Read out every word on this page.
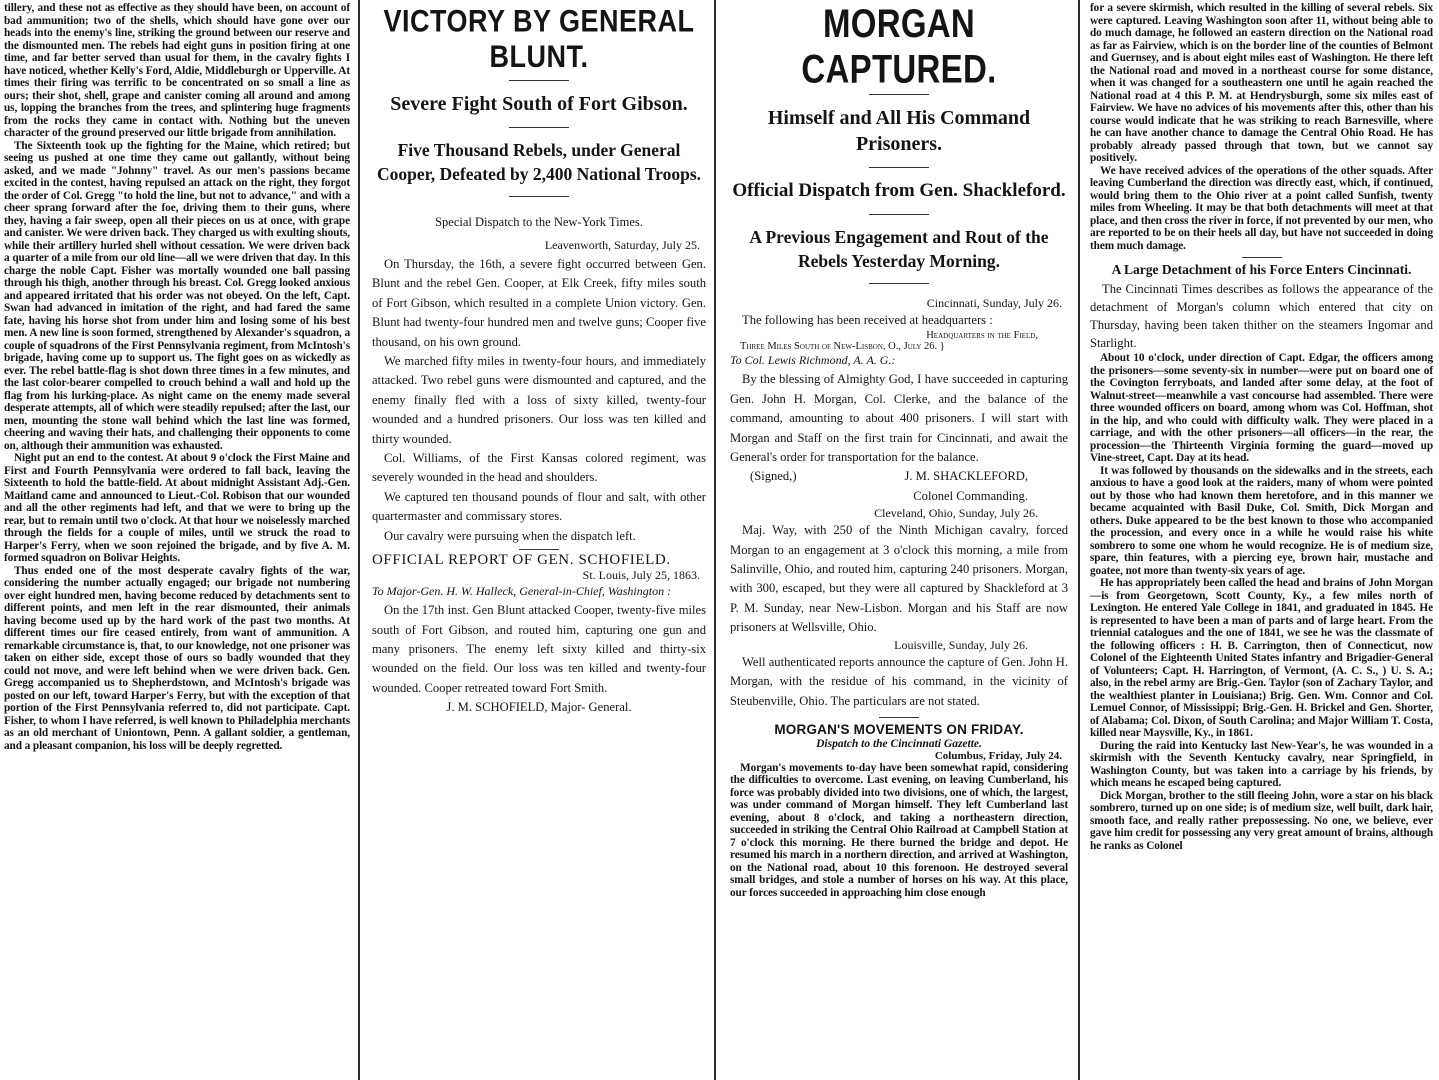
tillery, and these not as effective as they should have been, on account of bad ammunition; two of the shells, which should have gone over our heads into the enemy's line, striking the ground between our reserve and the dismounted men. The rebels had eight guns in position firing at one time, and far better served than usual for them, in the cavalry fights I have noticed, whether Kelly's Ford, Aldie, Middleburgh or Upperville. At times their firing was terrific to be concentrated on so small a line as ours; their shot, shell, grape and canister coming all around and among us, lopping the branches from the trees, and splintering huge fragments from the rocks they came in contact with. Nothing but the uneven character of the ground preserved our little brigade from annihilation.

The Sixteenth took up the fighting for the Maine, which retired; but seeing us pushed at one time they came out gallantly, without being asked, and we made "Johnny" travel. As our men's passions became excited in the contest, having repulsed an attack on the right, they forgot the order of Col. Gregg "to hold the line, but not to advance," and with a cheer sprang forward after the foe, driving them to their guns, where they, having a fair sweep, open all their pieces on us at once, with grape and canister. We were driven back. They charged us with exulting shouts, while their artillery hurled shell without cessation. We were driven back a quarter of a mile from our old line—all we were driven that day. In this charge the noble Capt. Fisher was mortally wounded one ball passing through his thigh, another through his breast. Col. Gregg looked anxious and appeared irritated that his order was not obeyed. On the left, Capt. Swan had advanced in imitation of the right, and had fared the same fate, having his horse shot from under him and losing some of his best men. A new line is soon formed, strengthened by Alexander's squadron, a couple of squadrons of the First Pennsylvania regiment, from McIntosh's brigade, having come up to support us. The fight goes on as wickedly as ever. The rebel battle-flag is shot down three times in a few minutes, and the last color-bearer compelled to crouch behind a wall and hold up the flag from his lurking-place. As night came on the enemy made several desperate attempts, all of which were steadily repulsed; after the last, our men, mounting the stone wall behind which the last line was formed, cheering and waving their hats, and challenging their opponents to come on, although their ammunition was exhausted.

Night put an end to the contest. At about 9 o'clock the First Maine and First and Fourth Pennsylvania were ordered to fall back, leaving the Sixteenth to hold the battle-field. At about midnight Assistant Adj.-Gen. Maitland came and announced to Lieut.-Col. Robison that our wounded and all the other regiments had left, and that we were to bring up the rear, but to remain until two o'clock. At that hour we noiselessly marched through the fields for a couple of miles, until we struck the road to Harper's Ferry, when we soon rejoined the brigade, and by five A. M. formed squadron on Bolivar Heights.

Thus ended one of the most desperate cavalry fights of the war, considering the number actually engaged; our brigade not numbering over eight hundred men, having become reduced by detachments sent to different points, and men left in the rear dismounted, their animals having become used up by the hard work of the past two months. At different times our fire ceased entirely, from want of ammunition. A remarkable circumstance is, that, to our knowledge, not one prisoner was taken on either side, except those of ours so badly wounded that they could not move, and were left behind when we were driven back. Gen. Gregg accompanied us to Shepherdstown, and McIntosh's brigade was posted on our left, toward Harper's Ferry, but with the exception of that portion of the First Pennsylvania referred to, did not participate. Capt. Fisher, to whom I have referred, is well known to Philadelphia merchants as an old merchant of Uniontown, Penn. A gallant soldier, a gentleman, and a pleasant companion, his loss will be deeply regretted.

VICTORY BY GENERAL BLUNT.
Severe Fight South of Fort Gibson.
Five Thousand Rebels, under General Cooper, Defeated by 2,400 National Troops.

Special Dispatch to the New-York Times.

Leavenworth, Saturday, July 25.

On Thursday, the 16th, a severe fight occurred between Gen. Blunt and the rebel Gen. Cooper, at Elk Creek, fifty miles south of Fort Gibson, which resulted in a complete Union victory. Gen. Blunt had twenty-four hundred men and twelve guns; Cooper five thousand, on his own ground.

We marched fifty miles in twenty-four hours, and immediately attacked. Two rebel guns were dismounted and captured, and the enemy finally fled with a loss of sixty killed, twenty-four wounded and a hundred prisoners. Our loss was ten killed and thirty wounded.

Col. Williams, of the First Kansas colored regiment, was severely wounded in the head and shoulders.

We captured ten thousand pounds of flour and salt, with other quartermaster and commissary stores.

Our cavalry were pursuing when the dispatch left.

OFFICIAL REPORT OF GEN. SCHOFIELD.

St. Louis, July 25, 1863.

To Major-Gen. H. W. Halleck, General-in-Chief, Washington :

On the 17th inst. Gen Blunt attacked Cooper, twenty-five miles south of Fort Gibson, and routed him, capturing one gun and many prisoners. The enemy left sixty killed and thirty-six wounded on the field. Our loss was ten killed and twenty-four wounded. Cooper retreated toward Fort Smith.

J. M. SCHOFIELD, Major- General.

MORGAN CAPTURED.
Himself and All His Command Prisoners.
Official Dispatch from Gen. Shackleford.
A Previous Engagement and Rout of the Rebels Yesterday Morning.

Cincinnati, Sunday, July 26.

The following has been received at headquarters :

Headquarters in the Field,

Three Miles South of New-Lisbon, O., July 26. }

To Col. Lewis Richmond, A. A. G.:

By the blessing of Almighty God, I have succeeded in capturing Gen. John H. Morgan, Col. Clerke, and the balance of the command, amounting to about 400 prisoners. I will start with Morgan and Staff on the first train for Cincinnati, and await the General's order for transportation for the balance.

(Signed,)	J. M. SHACKLEFORD,

Colonel Commanding.

Cleveland, Ohio, Sunday, July 26.

Maj. Way, with 250 of the Ninth Michigan cavalry, forced Morgan to an engagement at 3 o'clock this morning, a mile from Salinville, Ohio, and routed him, capturing 240 prisoners. Morgan, with 300, escaped, but they were all captured by Shackleford at 3 P. M. Sunday, near New-Lisbon. Morgan and his Staff are now prisoners at Wellsville, Ohio.

Louisville, Sunday, July 26.

Well authenticated reports announce the capture of Gen. John H. Morgan, with the residue of his command, in the vicinity of Steubenville, Ohio. The particulars are not stated.

MORGAN'S MOVEMENTS ON FRIDAY.

Dispatch to the Cincinnati Gazette.

Columbus, Friday, July 24.

Morgan's movements to-day have been somewhat rapid, considering the difficulties to overcome. Last evening, on leaving Cumberland, his force was probably divided into two divisions, one of which, the largest, was under command of Morgan himself. They left Cumberland last evening, about 8 o'clock, and taking a northeastern direction, succeeded in striking the Central Ohio Railroad at Campbell Station at 7 o'clock this morning. He there burned the bridge and depot. He resumed his march in a northern direction, and arrived at Washington, on the National road, about 10 this forenoon. He destroyed several small bridges, and stole a number of horses on his way. At this place, our forces succeeded in approaching him close enough

for a severe skirmish, which resulted in the killing of several rebels. Six were captured. Leaving Washington soon after 11, without being able to do much damage, he followed an eastern direction on the National road as far as Fairview, which is on the border line of the counties of Belmont and Guernsey, and is about eight miles east of Washington. He there left the National road and moved in a northeast course for some distance, when it was changed for a southeastern one until he again reached the National road at 4 this P. M. at Hendrysburgh, some six miles east of Fairview. We have no advices of his movements after this, other than his course would indicate that he was striking to reach Barnesville, where he can have another chance to damage the Central Ohio Road. He has probably already passed through that town, but we cannot say positively.

We have received advices of the operations of the other squads. After leaving Cumberland the direction was directly east, which, if continued, would bring them to the Ohio river at a point called Sunfish, twenty miles from Wheeling. It may be that both detachments will meet at that place, and then cross the river in force, if not prevented by our men, who are reported to be on their heels all day, but have not succeeded in doing them much damage.

A Large Detachment of his Force Enters Cincinnati.

The Cincinnati Times describes as follows the appearance of the detachment of Morgan's column which entered that city on Thursday, having been taken thither on the steamers Ingomar and Starlight.

About 10 o'clock, under direction of Capt. Edgar, the officers among the prisoners—some seventy-six in number—were put on board one of the Covington ferryboats, and landed after some delay, at the foot of Walnut-street—meanwhile a vast concourse had assembled. There were three wounded officers on board, among whom was Col. Hoffman, shot in the hip, and who could with difficulty walk. They were placed in a carriage, and with the other prisoners—all officers—in the rear, the procession—the Thirteenth Virginia forming the guard—moved up Vine-street, Capt. Day at its head.

It was followed by thousands on the sidewalks and in the streets, each anxious to have a good look at the raiders, many of whom were pointed out by those who had known them heretofore, and in this manner we became acquainted with Basil Duke, Col. Smith, Dick Morgan and others. Duke appeared to be the best known to those who accompanied the procession, and every once in a while he would raise his white sombrero to some one whom he would recognize. He is of medium size, spare, thin features, with a piercing eye, brown hair, mustache and goatee, not more than twenty-six years of age.

He has appropriately been called the head and brains of John Morgan—is from Georgetown, Scott County, Ky., a few miles north of Lexington. He entered Yale College in 1841, and graduated in 1845. He is represented to have been a man of parts and of large heart. From the triennial catalogues and the one of 1841, we see he was the classmate of the following officers : H. B. Carrington, then of Connecticut, now Colonel of the Eighteenth United States infantry and Brigadier-General of Volunteers; Capt. H. Harrington, of Vermont, (A. C. S., ) U. S. A.; also, in the rebel army are Brig.-Gen. Taylor (son of Zachary Taylor, and the wealthiest planter in Louisiana;) Brig. Gen. Wm. Connor and Col. Lemuel Connor, of Mississippi; Brig.-Gen. H. Brickel and Gen. Shorter, of Alabama; Col. Dixon, of South Carolina; and Major William T. Costa, killed near Maysville, Ky., in 1861.

During the raid into Kentucky last New-Year's, he was wounded in a skirmish with the Seventh Kentucky cavalry, near Springfield, in Washington County, but was taken into a carriage by his friends, by which means he escaped being captured.

Dick Morgan, brother to the still fleeing John, wore a star on his black sombrero, turned up on one side; is of medium size, well built, dark hair, smooth face, and really rather prepossessing. No one, we believe, ever gave him credit for possessing any very great amount of brains, although he ranks as Colonel
